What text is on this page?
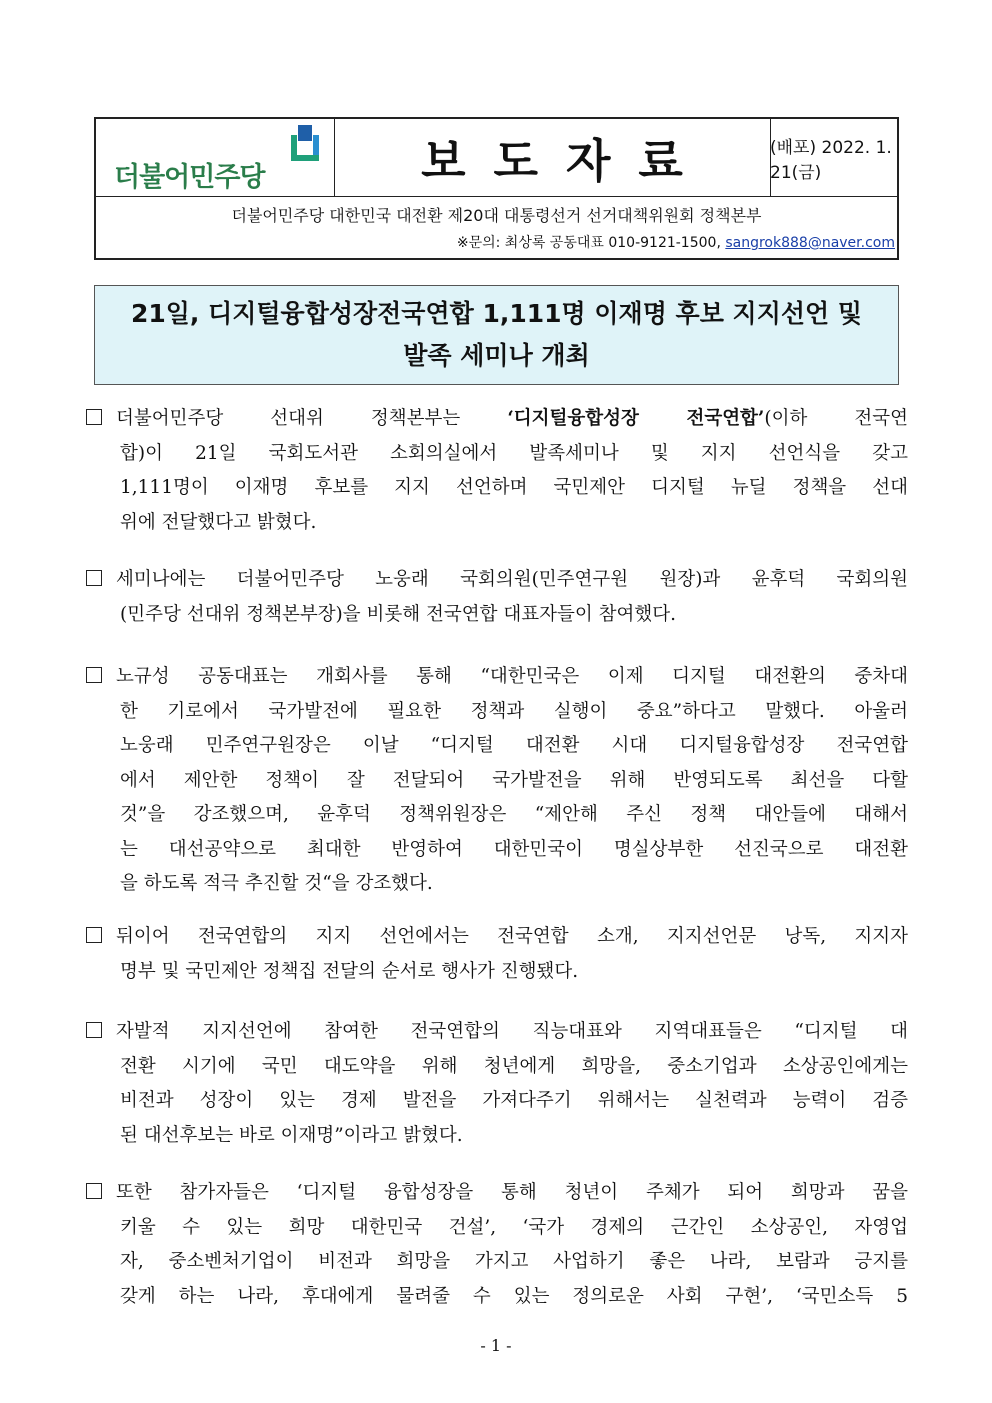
더불어민주당	보도자료	(배포) 2022. 1. 21(금)
더불어민주당 대한민국 대전환 제20대 대통령선거 선거대책위원회 정책본부
※문의: 최상록 공동대표 010-9121-1500, sangrok888@naver.com
21일, 디지털융합성장전국연합 1,111명 이재명 후보 지지선언 및
발족 세미나 개최
더불어민주당 선대위 정책본부는 ‘디지털융합성장 전국연합’(이하 전국연
합)이 21일 국회도서관 소회의실에서 발족세미나 및 지지 선언식을 갖고
1,111명이 이재명 후보를 지지 선언하며 국민제안 디지털 뉴딜 정책을 선대
위에 전달했다고 밝혔다.
세미나에는 더불어민주당 노웅래 국회의원(민주연구원 원장)과 윤후덕 국회의원
(민주당 선대위 정책본부장)을 비롯해 전국연합 대표자들이 참여했다.
노규성 공동대표는 개회사를 통해 “대한민국은 이제 디지털 대전환의 중차대
한 기로에서 국가발전에 필요한 정책과 실행이 중요”하다고 말했다. 아울러
노웅래 민주연구원장은 이날 “디지털 대전환 시대 디지털융합성장 전국연합
에서 제안한 정책이 잘 전달되어 국가발전을 위해 반영되도록 최선을 다할
것”을 강조했으며, 윤후덕 정책위원장은 “제안해 주신 정책 대안들에 대해서
는 대선공약으로 최대한 반영하여 대한민국이 명실상부한 선진국으로 대전환
을 하도록 적극 추진할 것“을 강조했다.
뒤이어 전국연합의 지지 선언에서는 전국연합 소개, 지지선언문 낭독, 지지자
명부 및 국민제안 정책집 전달의 순서로 행사가 진행됐다.
자발적 지지선언에 참여한 전국연합의 직능대표와 지역대표들은 “디지털 대
전환 시기에 국민 대도약을 위해 청년에게 희망을, 중소기업과 소상공인에게는
비전과 성장이 있는 경제 발전을 가져다주기 위해서는 실천력과 능력이 검증
된 대선후보는 바로 이재명”이라고 밝혔다.
또한 참가자들은 ‘디지털 융합성장을 통해 청년이 주체가 되어 희망과 꿈을
키울 수 있는 희망 대한민국 건설’, ‘국가 경제의 근간인 소상공인, 자영업
자, 중소벤처기업이 비전과 희망을 가지고 사업하기 좋은 나라, 보람과 긍지를
갖게 하는 나라, 후대에게 물려줄 수 있는 정의로운 사회 구현’, ‘국민소득 5
- 1 -
